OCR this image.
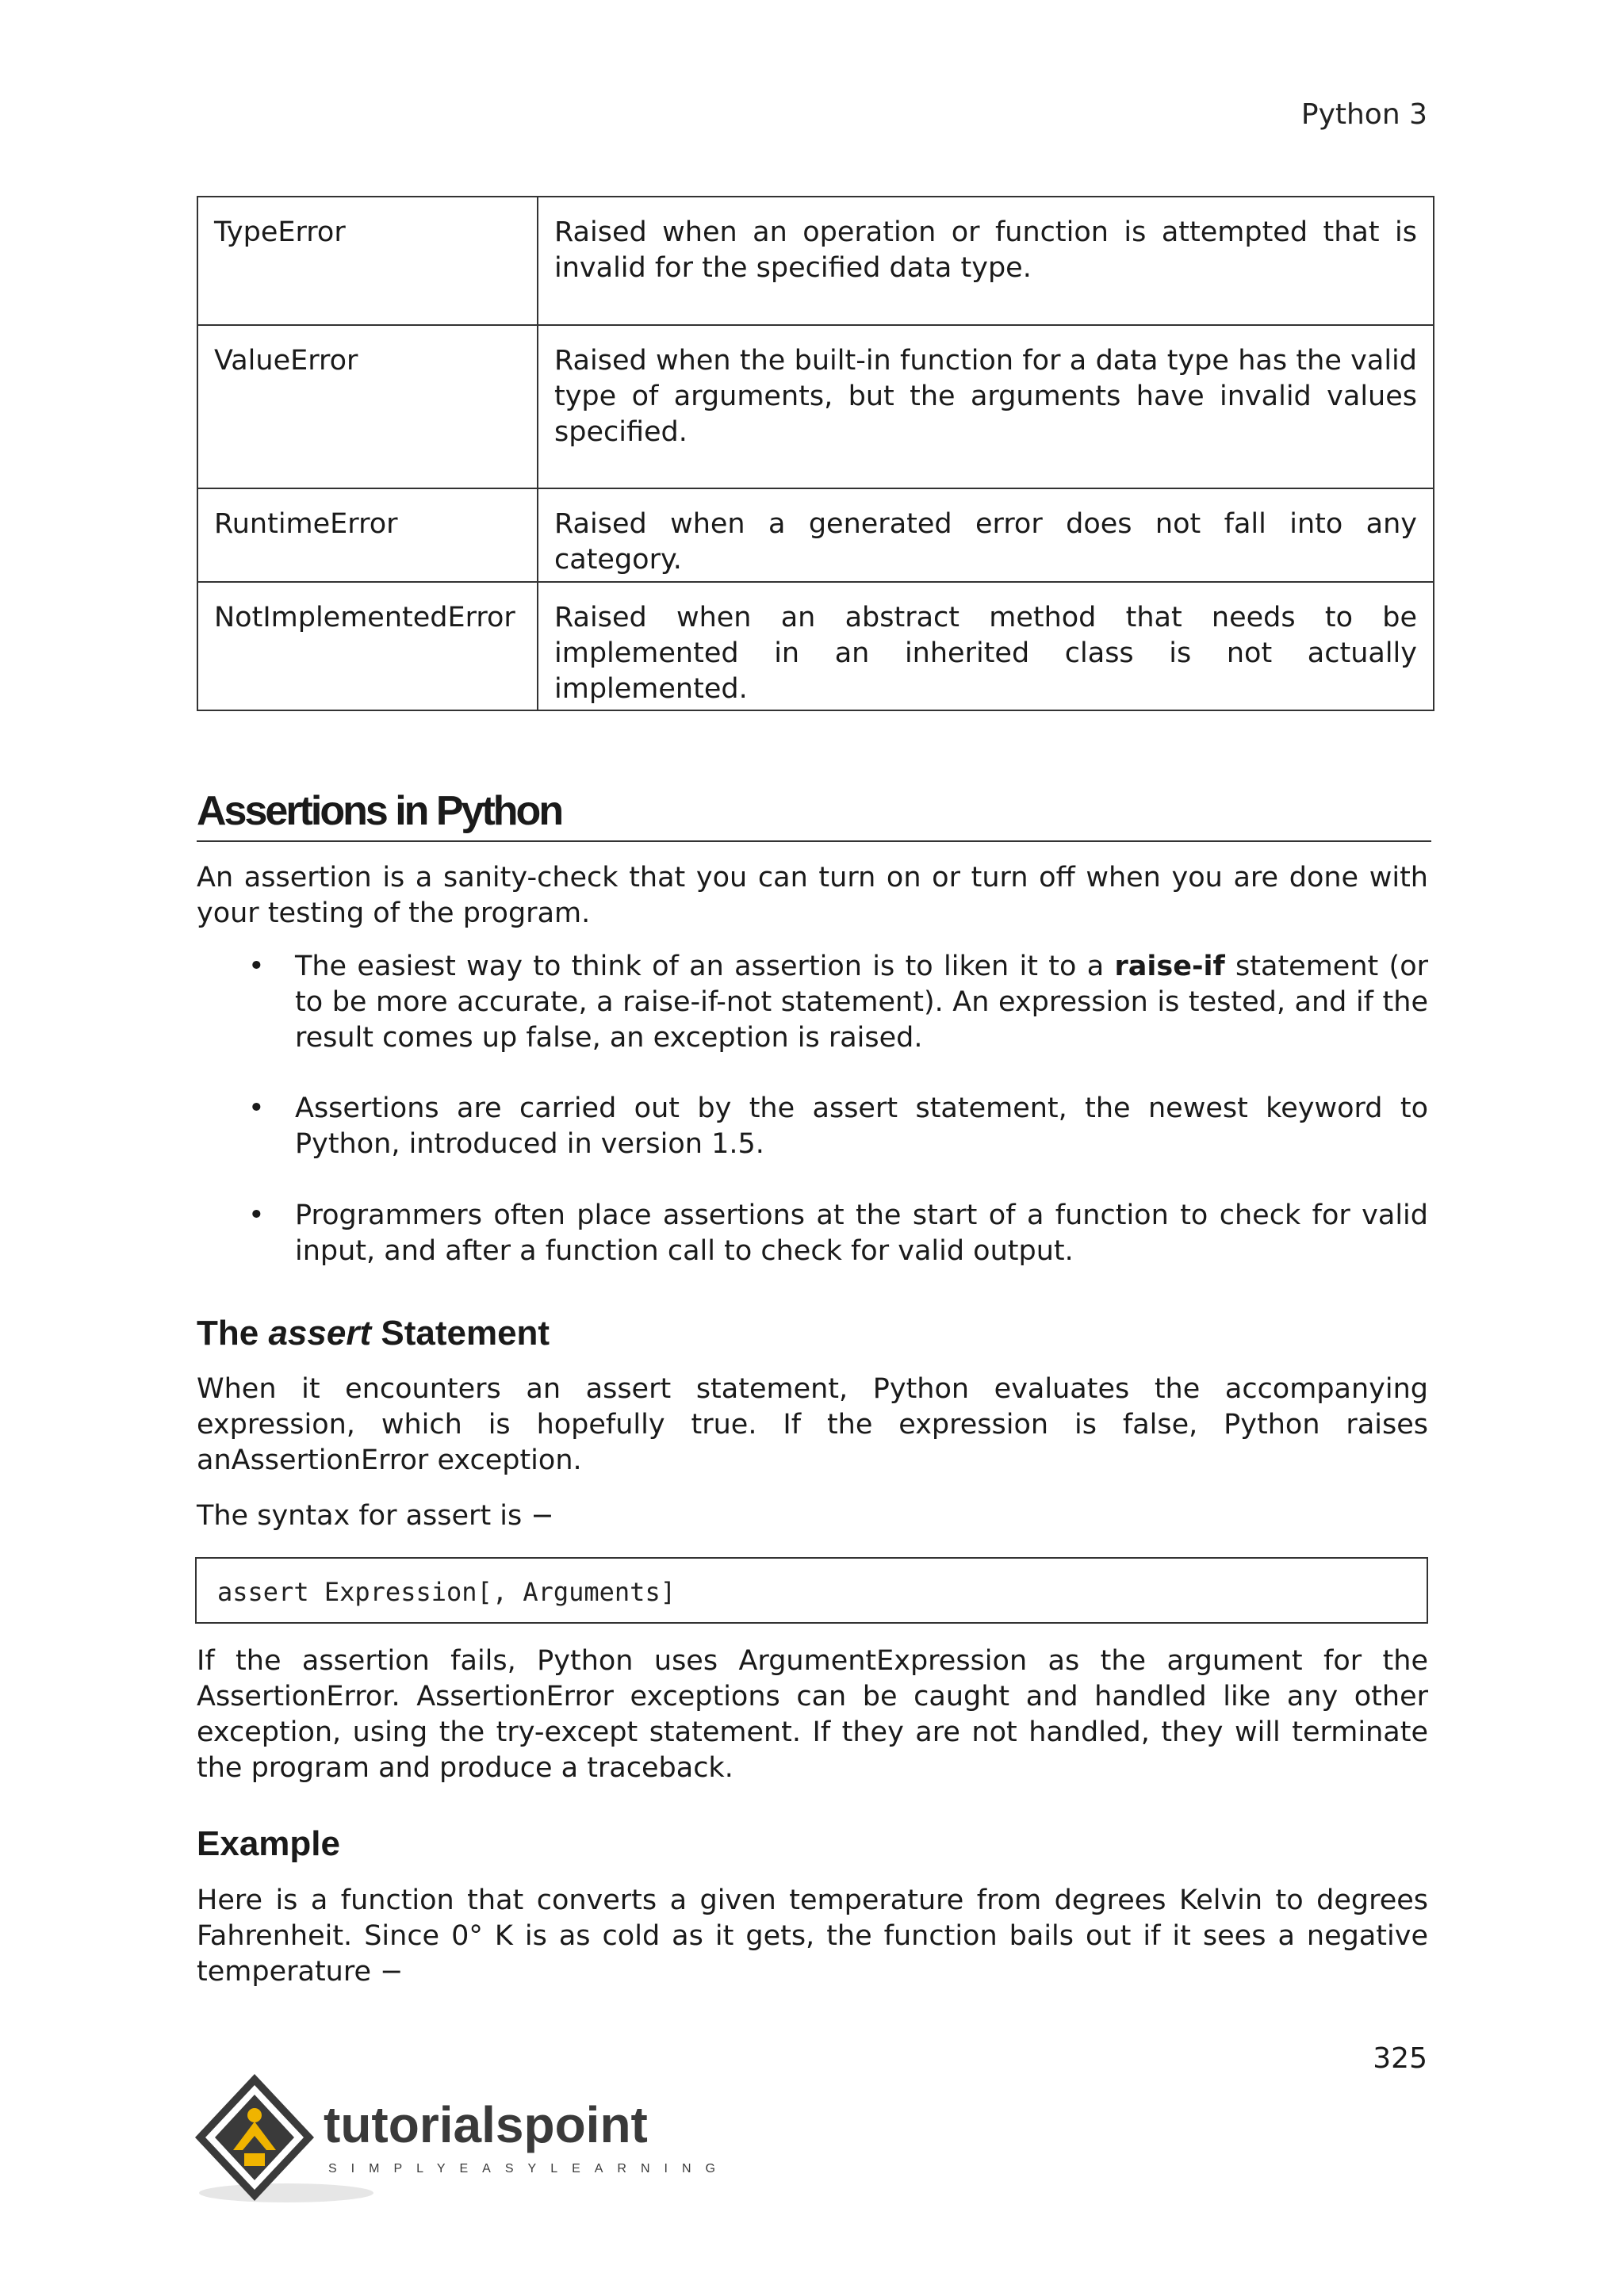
Python 3
TypeError	Raised when an operation or function is attempted that is invalid for the specified data type.
ValueError	Raised when the built-in function for a data type has the valid type of arguments, but the arguments have invalid values specified.
RuntimeError	Raised when a generated error does not fall into any category.
NotImplementedError	Raised when an abstract method that needs to be implemented in an inherited class is not actually implemented.
Assertions in Python

An assertion is a sanity-check that you can turn on or turn off when you are done with your testing of the program.

• The easiest way to think of an assertion is to liken it to a raise-if statement (or to be more accurate, a raise-if-not statement). An expression is tested, and if the result comes up false, an exception is raised.
• Assertions are carried out by the assert statement, the newest keyword to Python, introduced in version 1.5.
• Programmers often place assertions at the start of a function to check for valid input, and after a function call to check for valid output.
The assert Statement

When it encounters an assert statement, Python evaluates the accompanying expression, which is hopefully true. If the expression is false, Python raises anAssertionError exception.

The syntax for assert is −

assert Expression[, Arguments]

If the assertion fails, Python uses ArgumentExpression as the argument for the AssertionError. AssertionError exceptions can be caught and handled like any other exception, using the try-except statement. If they are not handled, they will terminate the program and produce a traceback.

Example

Here is a function that converts a given temperature from degrees Kelvin to degrees Fahrenheit. Since 0° K is as cold as it gets, the function bails out if it sees a negative temperature −

325
tutorialspoint
SIMPLYEASYLEARNING
